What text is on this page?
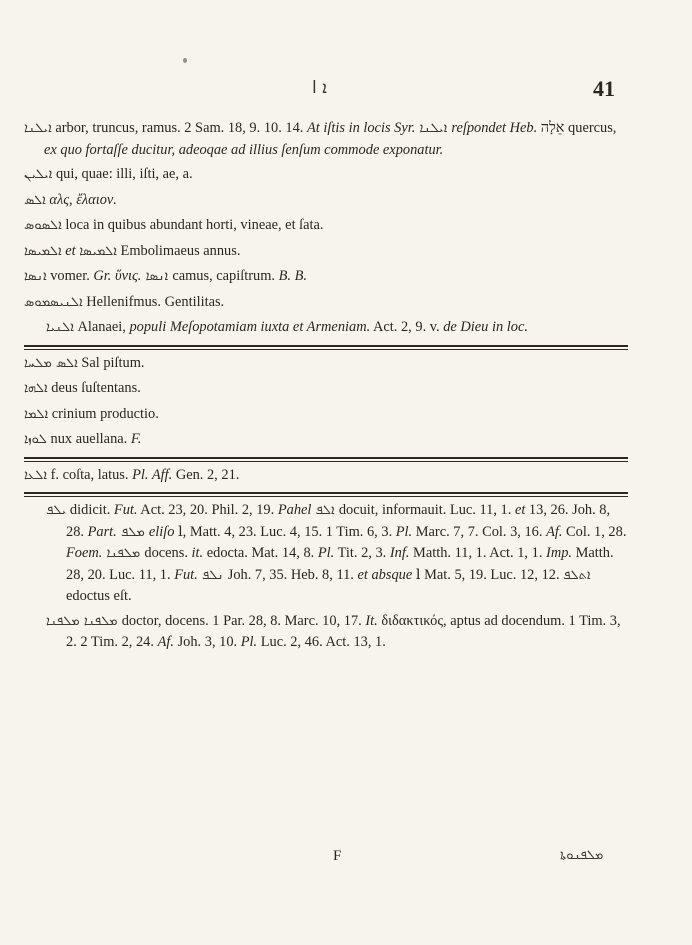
ܐ ا	41

ܐܝܠܢܐ arbor, truncus, ramus. 2 Sam. 18, 9. 10. 14. At iſtis in locis Syr. ܐܝܠܢܐ reſpondet Heb. אֵלָה quercus, ex quo fortaſſe ducitur, adeoqae ad illius ſenſum commode exponatur.

ܐܝܠܝܢ qui, quae: illi, iſti, ae, a.

ܐܠܣ αλς, ἔλαιον.

ܐܠܣܘܣ loca in quibus abundant horti, vineae, et ſata.

ܐܠܡܝܣܐ et ܐܠܡܝܣܐ Embolimaeus annus.

ܐܢܣܐ vomer. Gr. ὕνις. ܐܢܣܐ camus, capiſtrum. B. B.

ܐܠܢܝܣܡܘܣ Hellenifmus. Gentilitas.

ܐܠܢܝܐ Alanaei, populi Meſopotamiam iuxta et Armeniam. Act. 2, 9. v. de Dieu in loc.

ܐܠܣ ܡܠܚܐ Sal piſtum.

ܐܠܗܐ deus ſuſtentans.

ܐܠܡܐ crinium productio.

ܠܘܙܐ nux auellana. F.

ܐܠܥܐ f. coſta, latus. Pl. Aff. Gen. 2, 21.

ܝܠܦ didicit. Fut. Act. 23, 20. Phil. 2, 19. Pahel ܐܠܦ docuit, informauit. Luc. 11, 1. et 13, 26. Joh. 8, 28. Part. ܡܠܦ eliſo ⅼ, Matt. 4, 23. Luc. 4, 15. 1 Tim. 6, 3. Pl. Marc. 7, 7. Col. 3, 16. Af. Col. 1, 28. Foem. ܡܠܦܢܐ docens. it. edocta. Mat. 14, 8. Pl. Tit. 2, 3. Inf. Matth. 11, 1. Act. 1, 1. Imp. Matth. 28, 20. Luc. 11, 1. Fut. ܢܠܦ Joh. 7, 35. Heb. 8, 11. et absque ⅼ Mat. 5, 19. Luc. 12, 12. ܐܬܠܦ edoctus eſt.

ܡܠܦܢܐ ܡܠܦܢܐ doctor, docens. 1 Par. 28, 8. Marc. 10, 17. It. διδακτικός, aptus ad docendum. 1 Tim. 3, 2. 2 Tim. 2, 24. Af. Joh. 3, 10. Pl. Luc. 2, 46. Act. 13, 1.

F	ܡܠܦܢܘܬܐ
